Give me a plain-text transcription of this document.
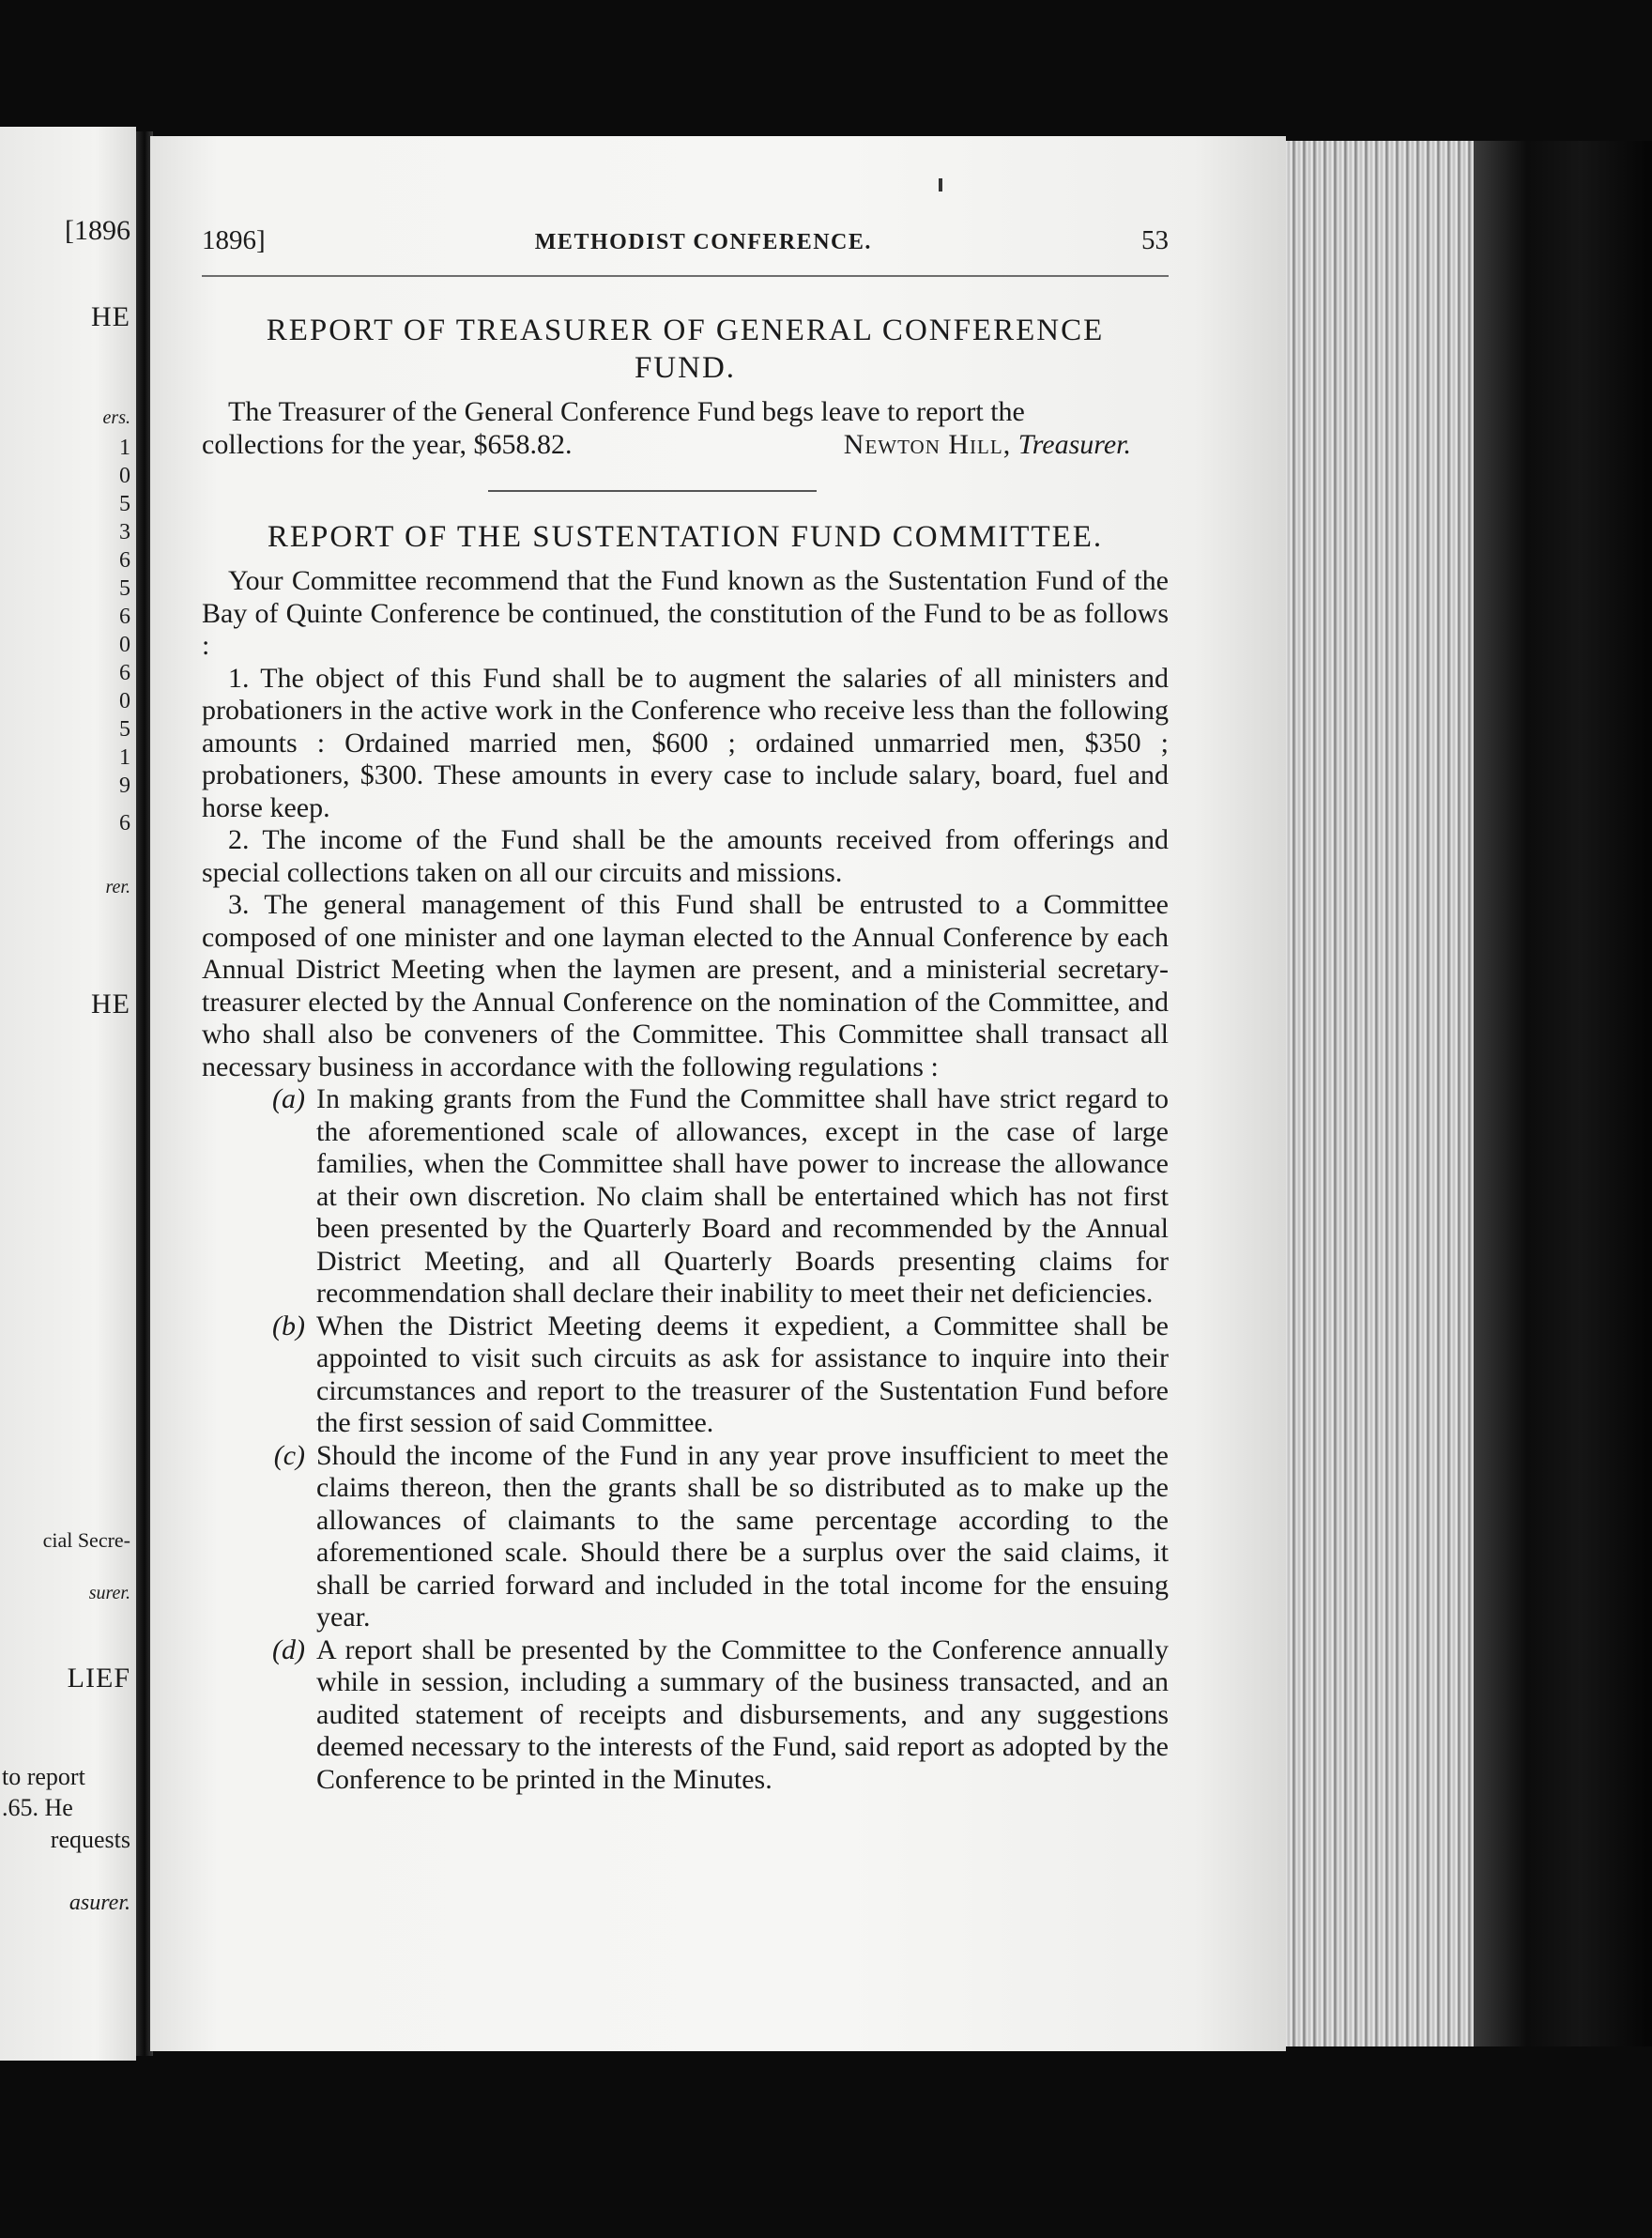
[1896
HE
ers.
1
0
5
3
6
5
6
0
6
0
5
1
9
6
rer.
HE
cial Secre-
surer.
LIEF
to report
.65. He
requests
asurer.
1896]	METHODIST CONFERENCE.	53
REPORT OF TREASURER OF GENERAL CONFERENCE
FUND.

The Treasurer of the General Conference Fund begs leave to report the

collections for the year, $658.82.	Newton Hill, Treasurer.
REPORT OF THE SUSTENTATION FUND COMMITTEE.

Your Committee recommend that the Fund known as the Sustentation Fund of the Bay of Quinte Conference be continued, the constitution of the Fund to be as follows :

1. The object of this Fund shall be to augment the salaries of all ministers and probationers in the active work in the Conference who receive less than the following amounts : Ordained married men, $600 ; ordained unmarried men, $350 ; probationers, $300. These amounts in every case to include salary, board, fuel and horse keep.

2. The income of the Fund shall be the amounts received from offerings and special collections taken on all our circuits and missions.

3. The general management of this Fund shall be entrusted to a Committee composed of one minister and one layman elected to the Annual Conference by each Annual District Meeting when the laymen are present, and a ministerial secretary-treasurer elected by the Annual Conference on the nomination of the Committee, and who shall also be conveners of the Committee. This Committee shall transact all necessary business in accordance with the following regulations :

(a) In making grants from the Fund the Committee shall have strict regard to the aforementioned scale of allowances, except in the case of large families, when the Committee shall have power to increase the allowance at their own discretion. No claim shall be entertained which has not first been presented by the Quarterly Board and recommended by the Annual District Meeting, and all Quarterly Boards presenting claims for recommendation shall declare their inability to meet their net deficiencies.
(b) When the District Meeting deems it expedient, a Committee shall be appointed to visit such circuits as ask for assistance to inquire into their circumstances and report to the treasurer of the Sustentation Fund before the first session of said Committee.
(c) Should the income of the Fund in any year prove insufficient to meet the claims thereon, then the grants shall be so distributed as to make up the allowances of claimants to the same percentage according to the aforementioned scale. Should there be a surplus over the said claims, it shall be carried forward and included in the total income for the ensuing year.
(d) A report shall be presented by the Committee to the Conference annually while in session, including a summary of the business transacted, and an audited statement of receipts and disbursements, and any suggestions deemed necessary to the interests of the Fund, said report as adopted by the Conference to be printed in the Minutes.
